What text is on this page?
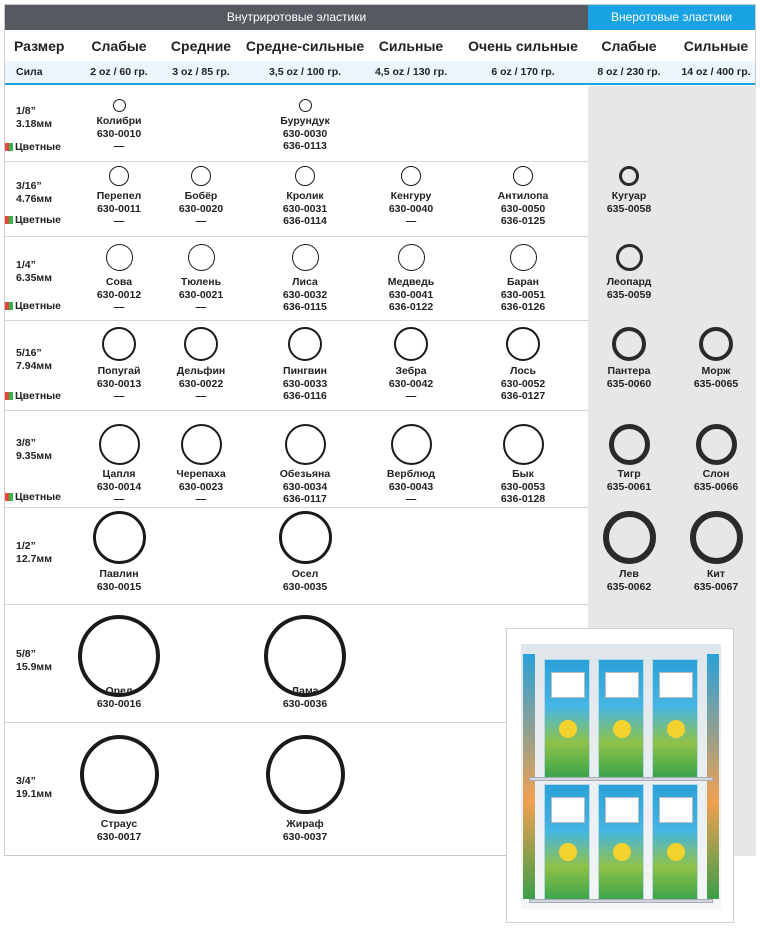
Внутриротовые эластики	Внеротовые эластики
Размер
Сила
Слабые
2 oz / 60 гр.
Средние
3 oz / 85 гр.
Средне-сильные
3,5 oz / 100 гр.
Сильные
4,5 oz / 130 гр.
Очень сильные
6 oz / 170 гр.
Слабые
8 oz / 230 гр.
Сильные
14 oz / 400 гр.
1/8”
3.18мм
Цветные
Колибри
630-0010
—
Бурундук
630-0030
636-0113
3/16”
4.76мм
Цветные
Перепел
630-0011
—
Бобёр
630-0020
—
Кролик
630-0031
636-0114
Кенгуру
630-0040
—
Антилопа
630-0050
636-0125
Кугуар
635-0058
1/4”
6.35мм
Цветные
Сова
630-0012
—
Тюлень
630-0021
—
Лиса
630-0032
636-0115
Медведь
630-0041
636-0122
Баран
630-0051
636-0126
Леопард
635-0059
5/16”
7.94мм
Цветные
Попугай
630-0013
—
Дельфин
630-0022
—
Пингвин
630-0033
636-0116
Зебра
630-0042
—
Лось
630-0052
636-0127
Пантера
635-0060
Морж
635-0065
3/8”
9.35мм
Цветные
Цапля
630-0014
—
Черепаха
630-0023
—
Обезьяна
630-0034
636-0117
Верблюд
630-0043
—
Бык
630-0053
636-0128
Тигр
635-0061
Слон
635-0066
1/2”
12.7мм
Павлин
630-0015
Осел
630-0035
Лев
635-0062
Кит
635-0067
5/8”
15.9мм
Орел
630-0016
Лама
630-0036
3/4”
19.1мм
Страус
630-0017
Жираф
630-0037
